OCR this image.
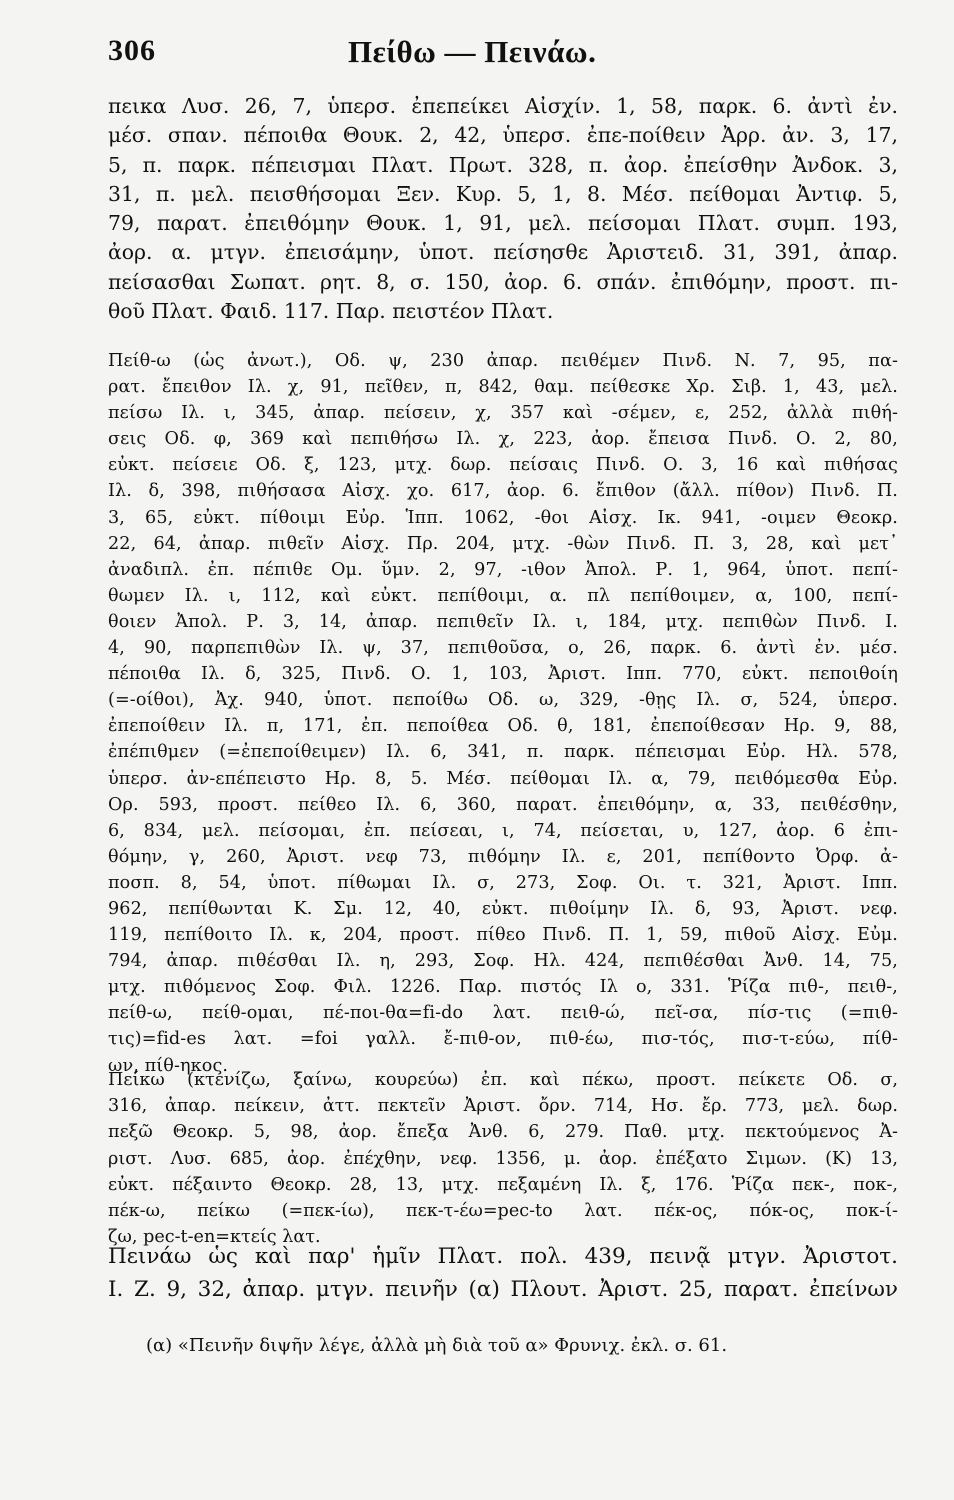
306	Πείθω — Πεινάω.
πεικα Λυσ. 26, 7, ὑπερσ. ἐπεπείκει Αἰσχίν. 1, 58, παρκ. 6. ἀντὶ ἐν.
μέσ. σπαν. πέποιθα Θουκ. 2, 42, ὑπερσ. ἐπε-ποίθειν Ἀρρ. ἀν. 3, 17,
5, π. παρκ. πέπεισμαι Πλατ. Πρωτ. 328, π. ἀορ. ἐπείσθην Ἀνδοκ. 3,
31, π. μελ. πεισθήσομαι Ξεν. Κυρ. 5, 1, 8. Μέσ. πείθομαι Ἀντιφ. 5,
79, παρατ. ἐπειθόμην Θουκ. 1, 91, μελ. πείσομαι Πλατ. συμπ. 193,
ἀορ. α. μτγν. ἐπεισάμην, ὑποτ. πείσησθε Ἀριστειδ. 31, 391, ἀπαρ.
πείσασθαι Σωπατ. ρητ. 8, σ. 150, ἀορ. 6. σπάν. ἐπιθόμην, προστ. πι-
θοῦ Πλατ. Φαιδ. 117. Παρ. πειστέον Πλατ.
Πείθ-ω (ὡς ἀνωτ.), Οδ. ψ, 230 ἀπαρ. πειθέμεν Πινδ. Ν. 7, 95, πα-
ρατ. ἔπειθον Ιλ. χ, 91, πεῖθεν, π, 842, θαμ. πείθεσκε Χρ. Σιβ. 1, 43, μελ.
πείσω Ιλ. ι, 345, ἀπαρ. πείσειν, χ, 357 καὶ -σέμεν, ε, 252, ἀλλὰ πιθή-
σεις Οδ. φ, 369 καὶ πεπιθήσω Ιλ. χ, 223, ἀορ. ἔπεισα Πινδ. Ο. 2, 80,
εὐκτ. πείσειε Οδ. ξ, 123, μτχ. δωρ. πείσαις Πινδ. Ο. 3, 16 καὶ πιθήσας
Ιλ. δ, 398, πιθήσασα Αἰσχ. χο. 617, ἀορ. 6. ἔπιθον (ἄλλ. πίθον) Πινδ. Π.
3, 65, εὐκτ. πίθοιμι Εὐρ. Ἱππ. 1062, -θοι Αἰσχ. Ικ. 941, -οιμεν Θεοκρ.
22, 64, ἀπαρ. πιθεῖν Αἰσχ. Πρ. 204, μτχ. -θὼν Πινδ. Π. 3, 28, καὶ μετ᾽
ἀναδιπλ. ἐπ. πέπιθε Ομ. ὕμν. 2, 97, -ιθον Ἀπολ. Ρ. 1, 964, ὑποτ. πεπί-
θωμεν Ιλ. ι, 112, καὶ εὐκτ. πεπίθοιμι, α. πλ πεπίθοιμεν, α, 100, πεπί-
θοιεν Ἀπολ. Ρ. 3, 14, ἀπαρ. πεπιθεῖν Ιλ. ι, 184, μτχ. πεπιθὼν Πινδ. Ι.
4, 90, παρπεπιθὼν Ιλ. ψ, 37, πεπιθοῦσα, ο, 26, παρκ. 6. ἀντὶ ἐν. μέσ.
πέποιθα Ιλ. δ, 325, Πινδ. Ο. 1, 103, Ἀριστ. Ιππ. 770, εὐκτ. πεποιθοίη
(=-οίθοι), Ἀχ. 940, ὑποτ. πεποίθω Οδ. ω, 329, -θῃς Ιλ. σ, 524, ὑπερσ.
ἐπεποίθειν Ιλ. π, 171, ἐπ. πεποίθεα Οδ. θ, 181, ἐπεποίθεσαν Ηρ. 9, 88,
ἐπέπιθμεν (=ἐπεποίθειμεν) Ιλ. 6, 341, π. παρκ. πέπεισμαι Εὐρ. Ηλ. 578,
ὑπερσ. ἀν-επέπειστο Ηρ. 8, 5. Μέσ. πείθομαι Ιλ. α, 79, πειθόμεσθα Εὐρ.
Ορ. 593, προστ. πείθεο Ιλ. 6, 360, παρατ. ἐπειθόμην, α, 33, πειθέσθην,
6, 834, μελ. πείσομαι, ἐπ. πείσεαι, ι, 74, πείσεται, υ, 127, ἀορ. 6 ἐπι-
θόμην, γ, 260, Ἀριστ. νεφ 73, πιθόμην Ιλ. ε, 201, πεπίθοντο Ὀρφ. ἀ-
ποσπ. 8, 54, ὑποτ. πίθωμαι Ιλ. σ, 273, Σοφ. Οι. τ. 321, Ἀριστ. Ιππ.
962, πεπίθωνται Κ. Σμ. 12, 40, εὐκτ. πιθοίμην Ιλ. δ, 93, Ἀριστ. νεφ.
119, πεπίθοιτο Ιλ. κ, 204, προστ. πίθεο Πινδ. Π. 1, 59, πιθοῦ Αἰσχ. Εὐμ.
794, ἀπαρ. πιθέσθαι Ιλ. η, 293, Σοφ. Ηλ. 424, πεπιθέσθαι Ἀνθ. 14, 75,
μτχ. πιθόμενος Σοφ. Φιλ. 1226. Παρ. πιστός Ιλ ο, 331. Ῥίζα πιθ-, πειθ-,
πείθ-ω, πείθ-ομαι, πέ-ποι-θα=fi-do λατ. πειθ-ώ, πεῖ-σα, πίσ-τις (=πιθ-
τις)=fid-es λατ. =foi γαλλ. ἔ-πιθ-ον, πιθ-έω, πισ-τός, πισ-τ-εύω, πίθ-
ων, πίθ-ηκος.
Πείκω (κτενίζω, ξαίνω, κουρεύω) ἐπ. καὶ πέκω, προστ. πείκετε Οδ. σ,
316, ἀπαρ. πείκειν, ἀττ. πεκτεῖν Ἀριστ. ὄρν. 714, Ησ. ἔρ. 773, μελ. δωρ.
πεξῶ Θεοκρ. 5, 98, ἀορ. ἔπεξα Ἀνθ. 6, 279. Παθ. μτχ. πεκτούμενος Ἀ-
ριστ. Λυσ. 685, ἀορ. ἐπέχθην, νεφ. 1356, μ. ἀορ. ἐπέξατο Σιμων. (Κ) 13,
εὐκτ. πέξαιντο Θεοκρ. 28, 13, μτχ. πεξαμένη Ιλ. ξ, 176. Ῥίζα πεκ-, ποκ-,
πέκ-ω, πείκω (=πεκ-ίω), πεκ-τ-έω=pec-to λατ. πέκ-ος, πόκ-ος, ποκ-ί-
ζω, pec-t-en=κτείς λατ.
Πεινάω ὡς καὶ παρ' ἡμῖν Πλατ. πολ. 439, πεινᾷ μτγν. Ἀριστοτ.
Ι. Ζ. 9, 32, ἀπαρ. μτγν. πεινῆν (α) Πλουτ. Ἀριστ. 25, παρατ. ἐπείνων
(α) «Πεινῆν διψῆν λέγε, ἀλλὰ μὴ διὰ τοῦ α» Φρυνιχ. ἐκλ. σ. 61.
